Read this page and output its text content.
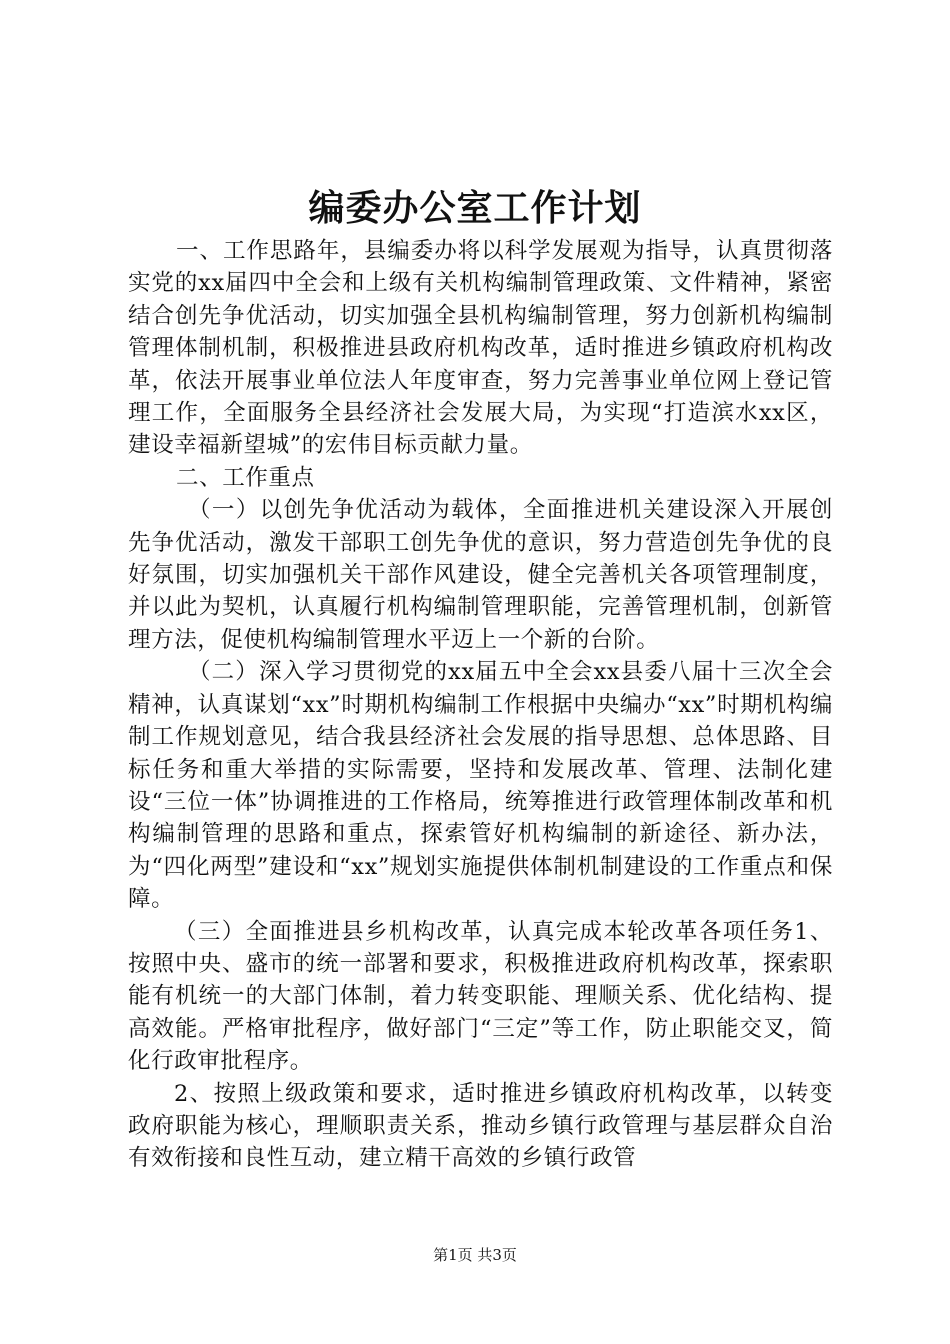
编委办公室工作计划

一、工作思路年，县编委办将以科学发展观为指导，认真贯彻落实党的xx届四中全会和上级有关机构编制管理政策、文件精神，紧密结合创先争优活动，切实加强全县机构编制管理，努力创新机构编制管理体制机制，积极推进县政府机构改革，适时推进乡镇政府机构改革，依法开展事业单位法人年度审查，努力完善事业单位网上登记管理工作，全面服务全县经济社会发展大局，为实现“打造滨水xx区，建设幸福新望城”的宏伟目标贡献力量。

二、工作重点

（一）以创先争优活动为载体，全面推进机关建设深入开展创先争优活动，激发干部职工创先争优的意识，努力营造创先争优的良好氛围，切实加强机关干部作风建设，健全完善机关各项管理制度，并以此为契机，认真履行机构编制管理职能，完善管理机制，创新管理方法，促使机构编制管理水平迈上一个新的台阶。

（二）深入学习贯彻党的xx届五中全会xx县委八届十三次全会精神，认真谋划“xx”时期机构编制工作根据中央编办“xx”时期机构编制工作规划意见，结合我县经济社会发展的指导思想、总体思路、目标任务和重大举措的实际需要，坚持和发展改革、管理、法制化建设“三位一体”协调推进的工作格局，统筹推进行政管理体制改革和机构编制管理的思路和重点，探索管好机构编制的新途径、新办法，为“四化两型”建设和“xx”规划实施提供体制机制建设的工作重点和保障。

（三）全面推进县乡机构改革，认真完成本轮改革各项任务1、按照中央、盛市的统一部署和要求，积极推进政府机构改革，探索职能有机统一的大部门体制，着力转变职能、理顺关系、优化结构、提高效能。严格审批程序，做好部门“三定”等工作，防止职能交叉，简化行政审批程序。

2、按照上级政策和要求，适时推进乡镇政府机构改革，以转变政府职能为核心，理顺职责关系，推动乡镇行政管理与基层群众自治有效衔接和良性互动，建立精干高效的乡镇行政管

第1页 共3页
